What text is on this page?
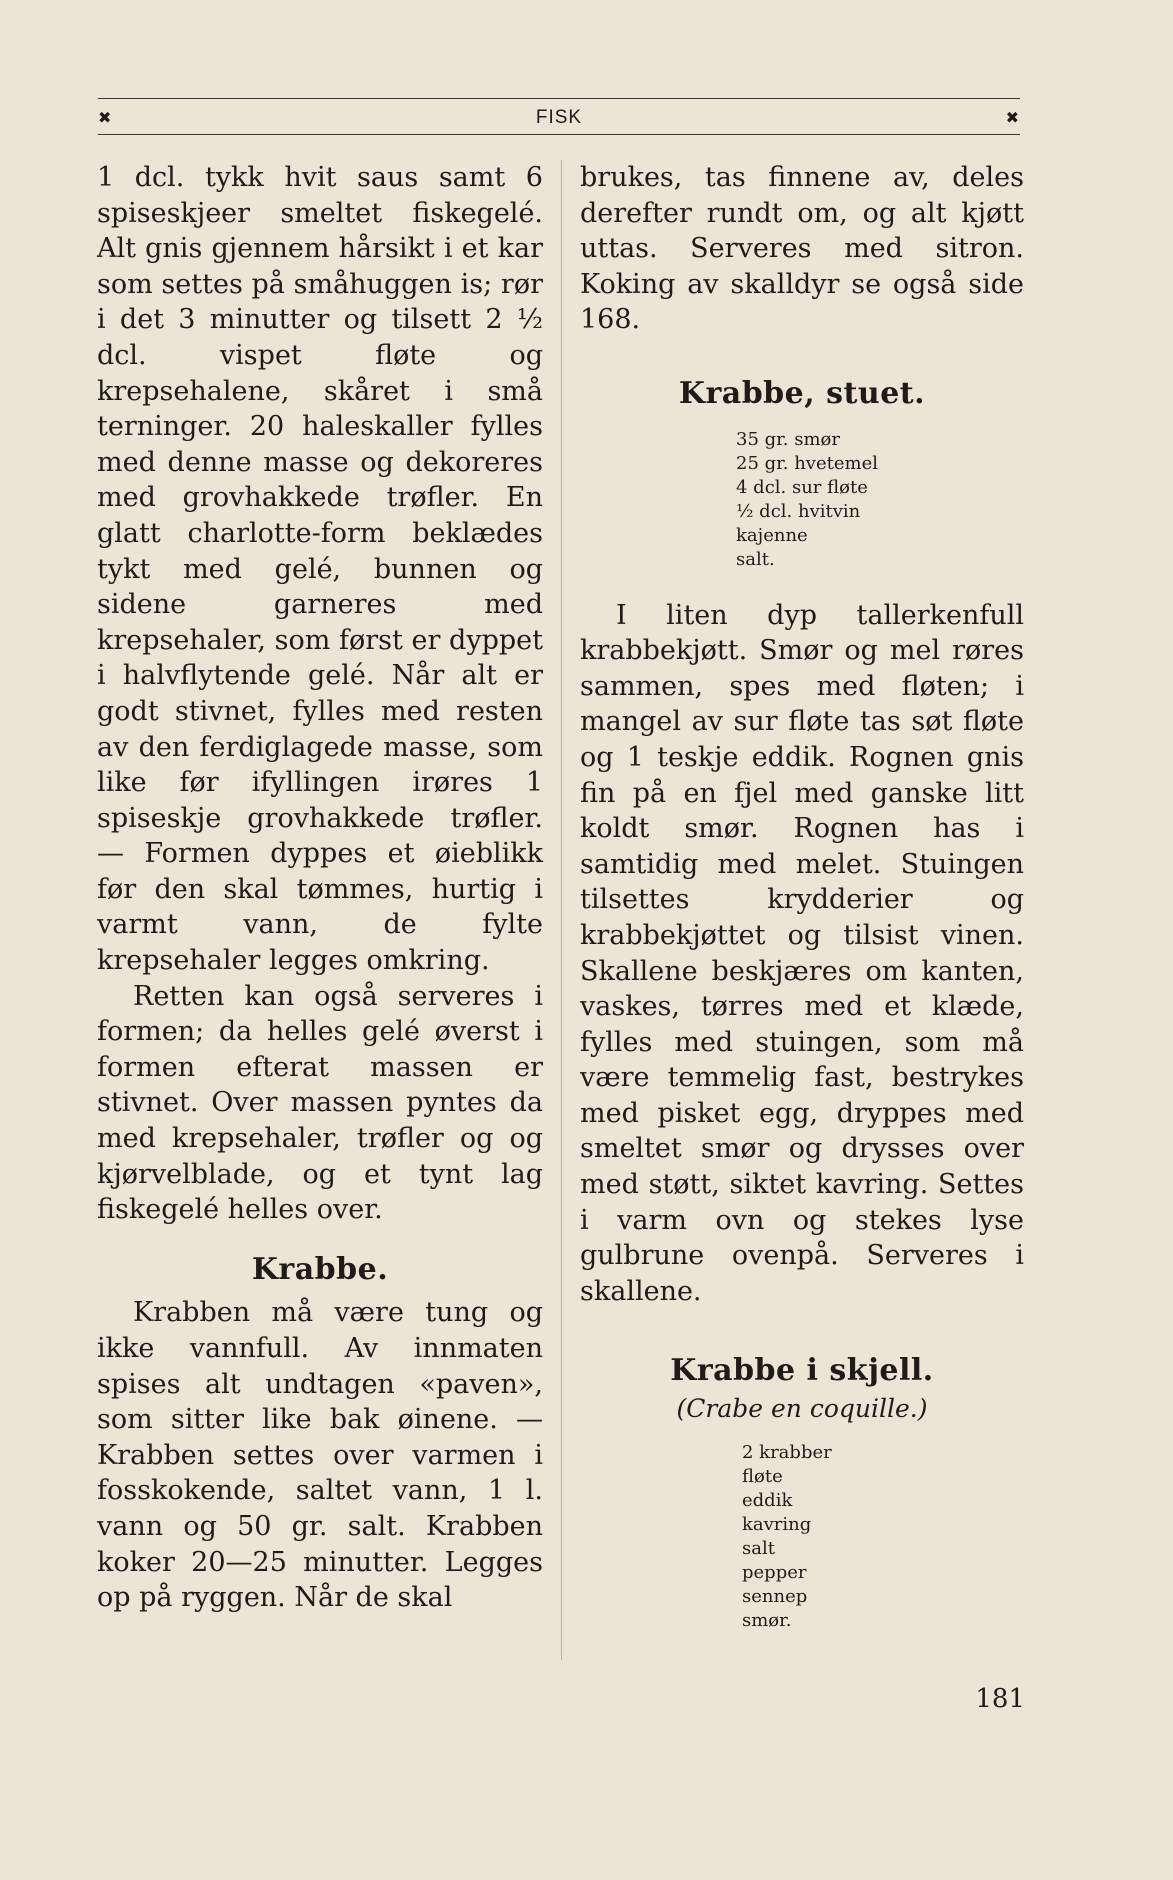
✖	FISK	✖

1 dcl. tykk hvit saus samt 6 spiseskjeer smeltet fiskegelé. Alt gnis gjennem hårsikt i et kar som settes på småhuggen is; rør i det 3 minutter og tilsett 2 ½ dcl. vispet fløte og krepsehalene, skåret i små terninger. 20 haleskaller fylles med denne masse og dekoreres med grovhakkede trøfler. En glatt charlotte-form beklædes tykt med gelé, bunnen og sidene garneres med krepsehaler, som først er dyppet i halvflytende gelé. Når alt er godt stivnet, fylles med resten av den ferdiglagede masse, som like før ifyllingen irøres 1 spiseskje grovhakkede trøfler. — Formen dyppes et øieblikk før den skal tømmes, hurtig i varmt vann, de fylte krepsehaler legges omkring.

Retten kan også serveres i formen; da helles gelé øverst i formen efterat massen er stivnet. Over massen pyntes da med krepsehaler, trøfler og og kjørvelblade, og et tynt lag fiskegelé helles over.

Krabbe.

Krabben må være tung og ikke vannfull. Av innmaten spises alt undtagen «paven», som sitter like bak øinene. — Krabben settes over varmen i fosskokende, saltet vann, 1 l. vann og 50 gr. salt. Krabben koker 20—25 minutter. Legges op på ryggen. Når de skal

brukes, tas finnene av, deles derefter rundt om, og alt kjøtt uttas. Serveres med sitron. Koking av skalldyr se også side 168.

Krabbe, stuet.
35 gr. smør
25 gr. hvetemel
4 dcl. sur fløte
½ dcl. hvitvin
kajenne
salt.

I liten dyp tallerkenfull krabbekjøtt. Smør og mel røres sammen, spes med fløten; i mangel av sur fløte tas søt fløte og 1 teskje eddik. Rognen gnis fin på en fjel med ganske litt koldt smør. Rognen has i samtidig med melet. Stuingen tilsettes krydderier og krabbekjøttet og tilsist vinen. Skallene beskjæres om kanten, vaskes, tørres med et klæde, fylles med stuingen, som må være temmelig fast, bestrykes med pisket egg, dryppes med smeltet smør og drysses over med støtt, siktet kavring. Settes i varm ovn og stekes lyse gulbrune ovenpå. Serveres i skallene.

Krabbe i skjell.

(Crabe en coquille.)

2 krabber
fløte
eddik
kavring
salt
pepper
sennep
smør.
181
